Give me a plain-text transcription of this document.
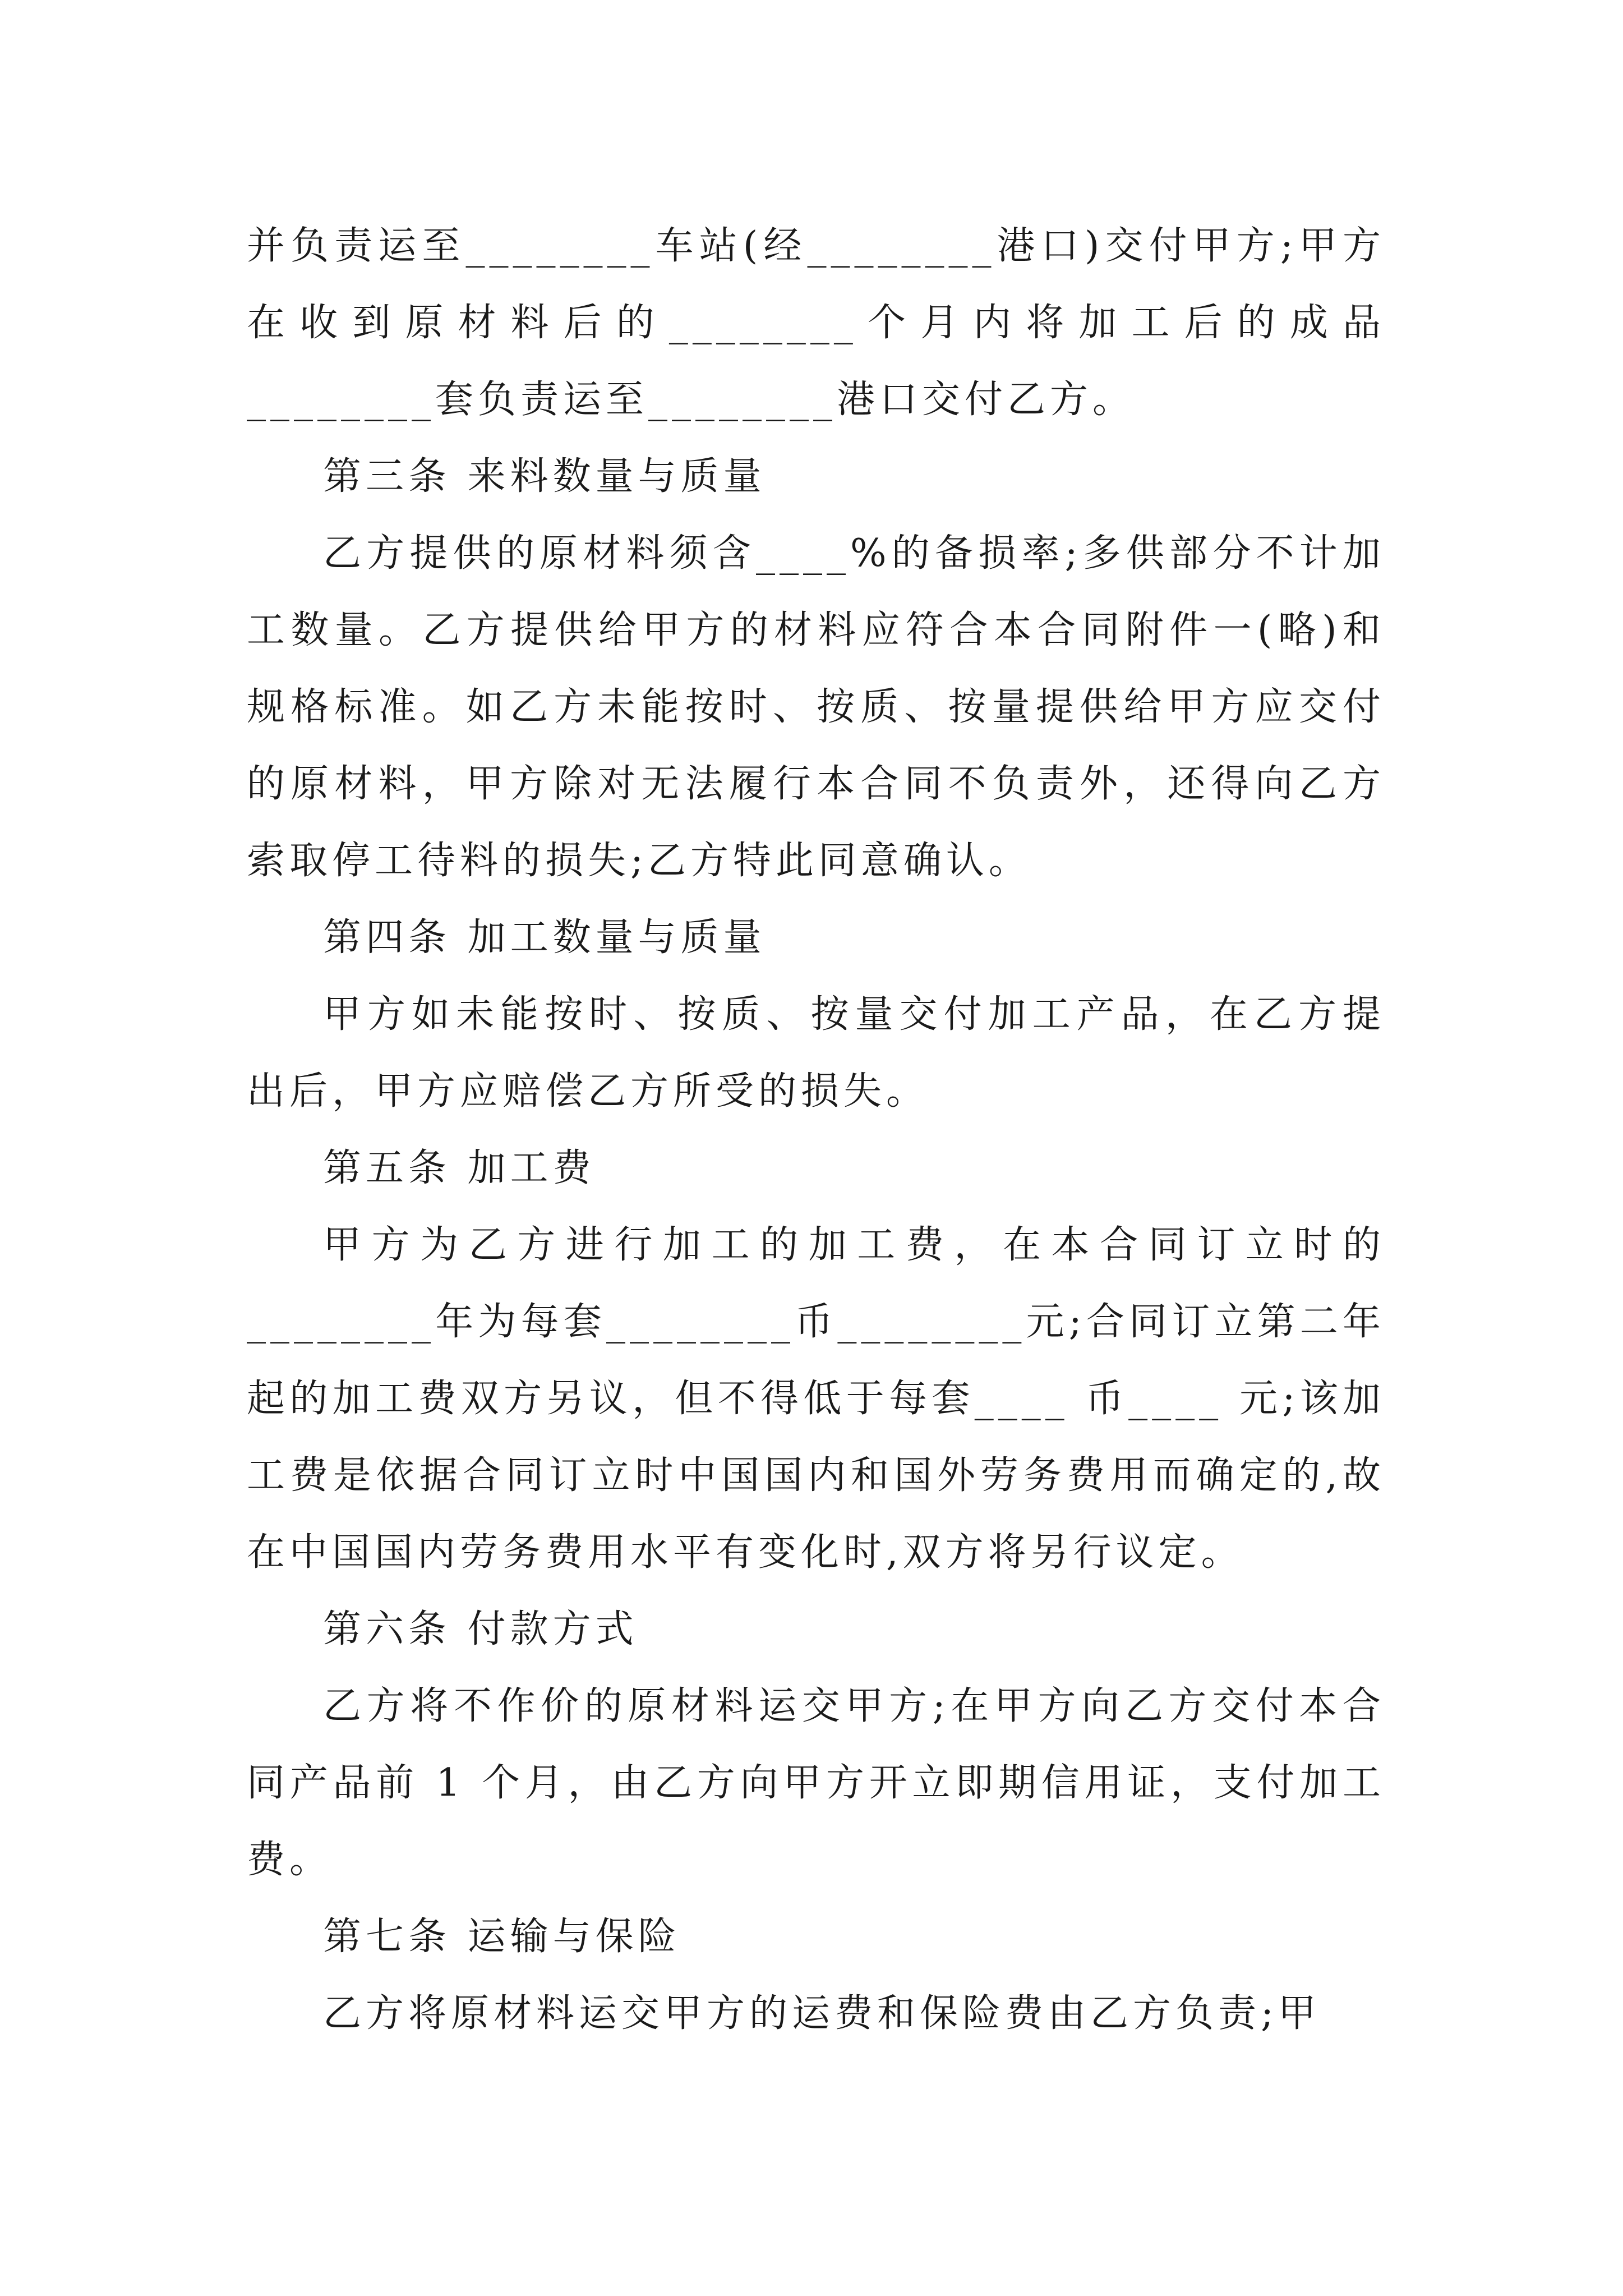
并负责运至________车站(经________港口)交付甲方;甲方在收到原材料后的________个月内将加工后的成品________套负责运至________港口交付乙方。

第三条 来料数量与质量

乙方提供的原材料须含____%的备损率;多供部分不计加工数量。乙方提供给甲方的材料应符合本合同附件一(略)和规格标准。如乙方未能按时、按质、按量提供给甲方应交付的原材料，甲方除对无法履行本合同不负责外，还得向乙方索取停工待料的损失;乙方特此同意确认。

第四条 加工数量与质量

甲方如未能按时、按质、按量交付加工产品，在乙方提出后，甲方应赔偿乙方所受的损失。

第五条 加工费

甲方为乙方进行加工的加工费，在本合同订立时的________年为每套________币________元;合同订立第二年起的加工费双方另议，但不得低于每套____ 币____ 元;该加工费是依据合同订立时中国国内和国外劳务费用而确定的,故在中国国内劳务费用水平有变化时,双方将另行议定。

第六条 付款方式

乙方将不作价的原材料运交甲方;在甲方向乙方交付本合同产品前 1 个月，由乙方向甲方开立即期信用证，支付加工费。

第七条 运输与保险

乙方将原材料运交甲方的运费和保险费由乙方负责;甲
